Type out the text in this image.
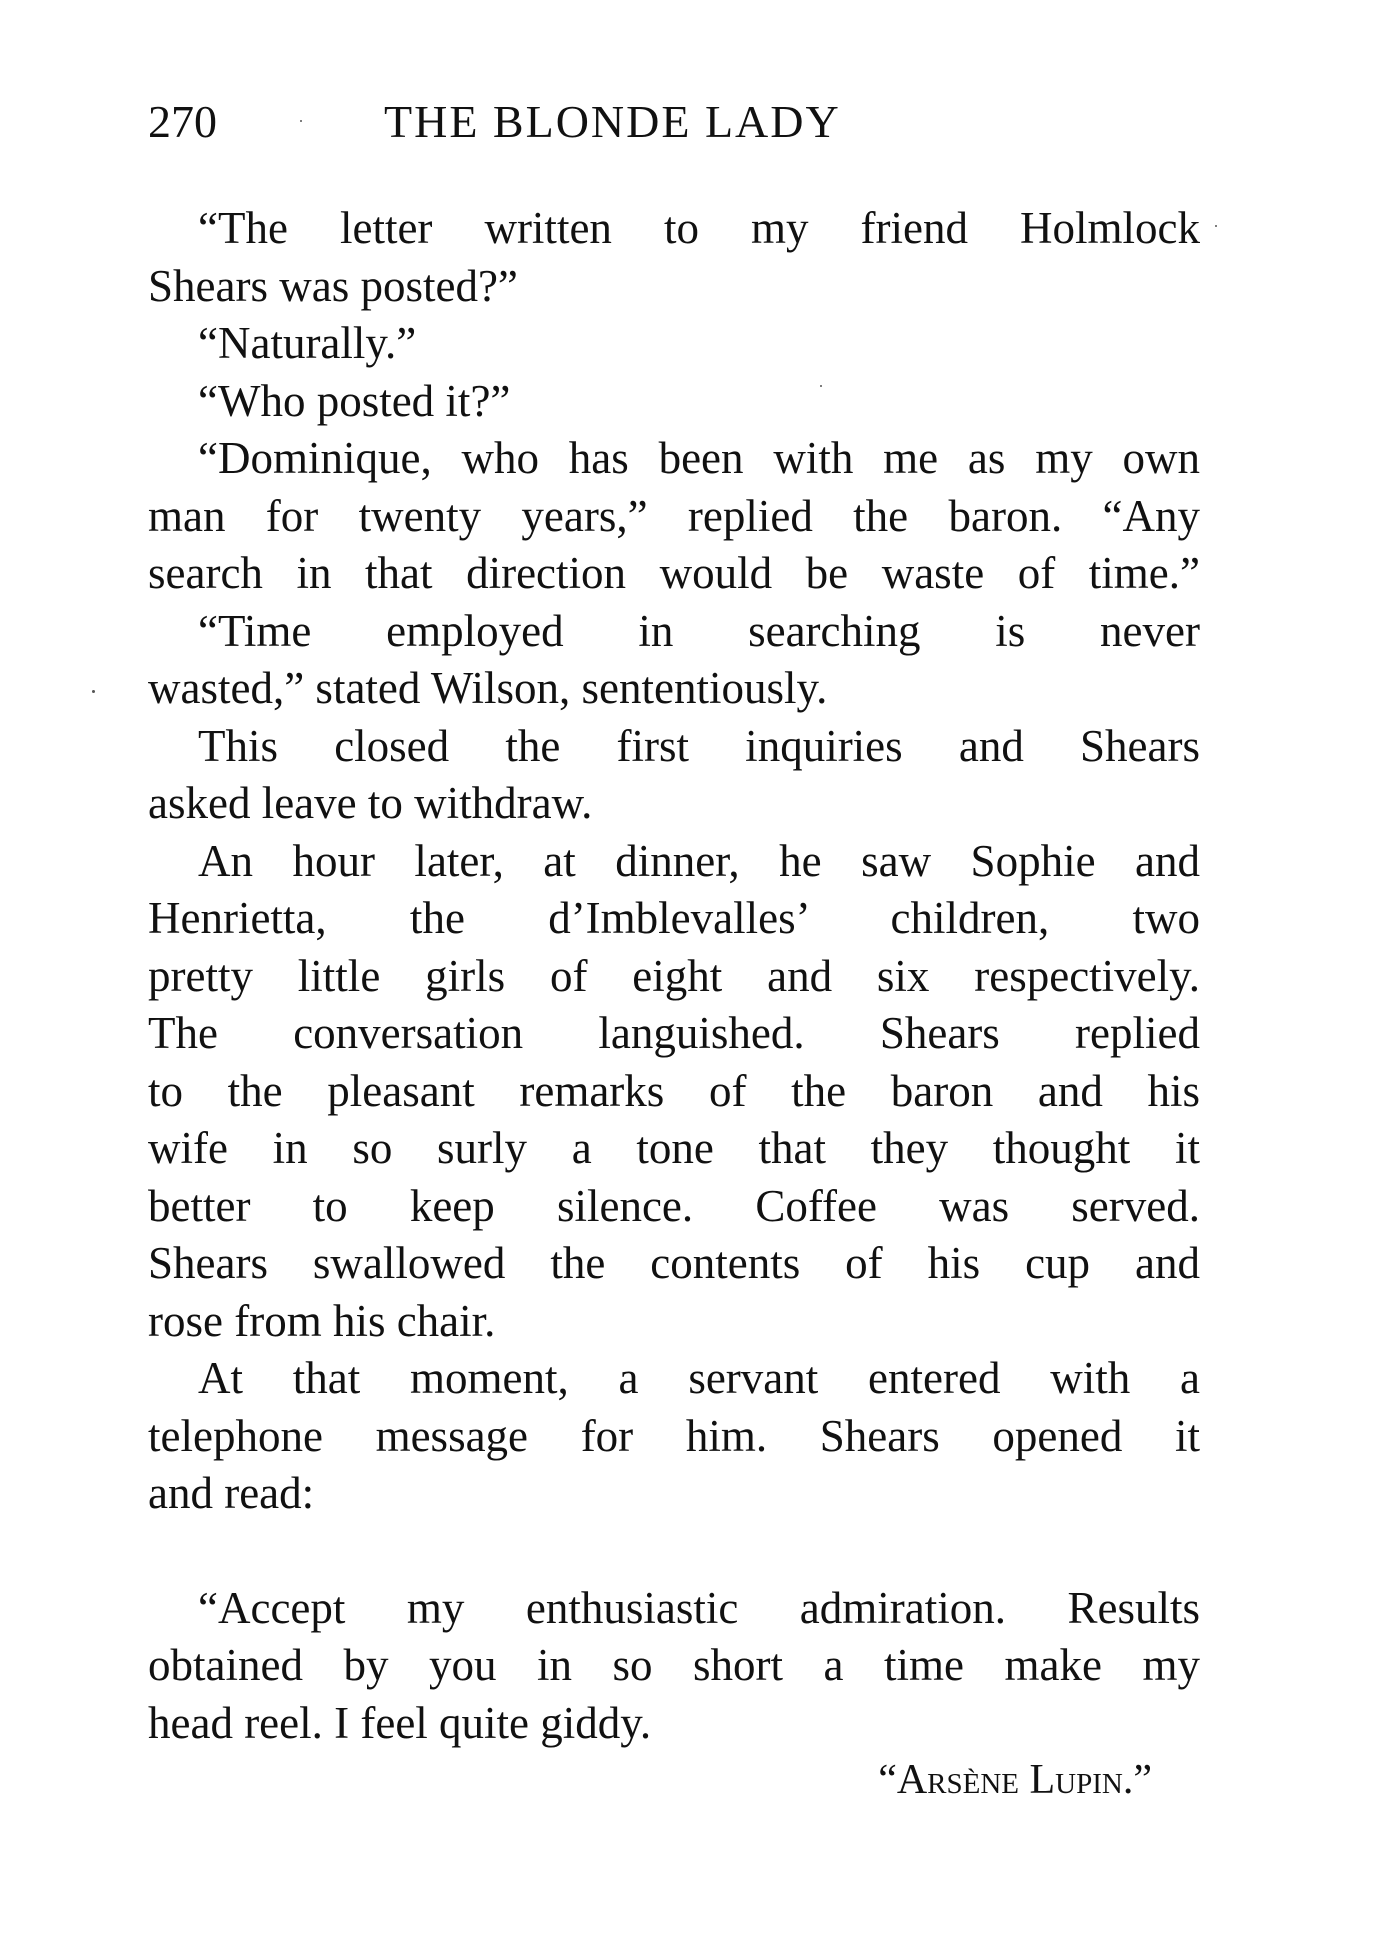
270	THE BLONDE LADY
“The letter written to my friend Holmlock
Shears was posted?”
“Naturally.”
“Who posted it?”
“Dominique, who has been with me as my own
man for twenty years,” replied the baron. “Any
search in that direction would be waste of time.”
“Time employed in searching is never
wasted,” stated Wilson, sententiously.
This closed the first inquiries and Shears
asked leave to withdraw.
An hour later, at dinner, he saw Sophie and
Henrietta, the d’Imblevalles’ children, two
pretty little girls of eight and six respectively.
The conversation languished. Shears replied
to the pleasant remarks of the baron and his
wife in so surly a tone that they thought it
better to keep silence. Coffee was served.
Shears swallowed the contents of his cup and
rose from his chair.
At that moment, a servant entered with a
telephone message for him. Shears opened it
and read:
“Accept my enthusiastic admiration. Results
obtained by you in so short a time make my
head reel. I feel quite giddy.
“Arsène Lupin.”
